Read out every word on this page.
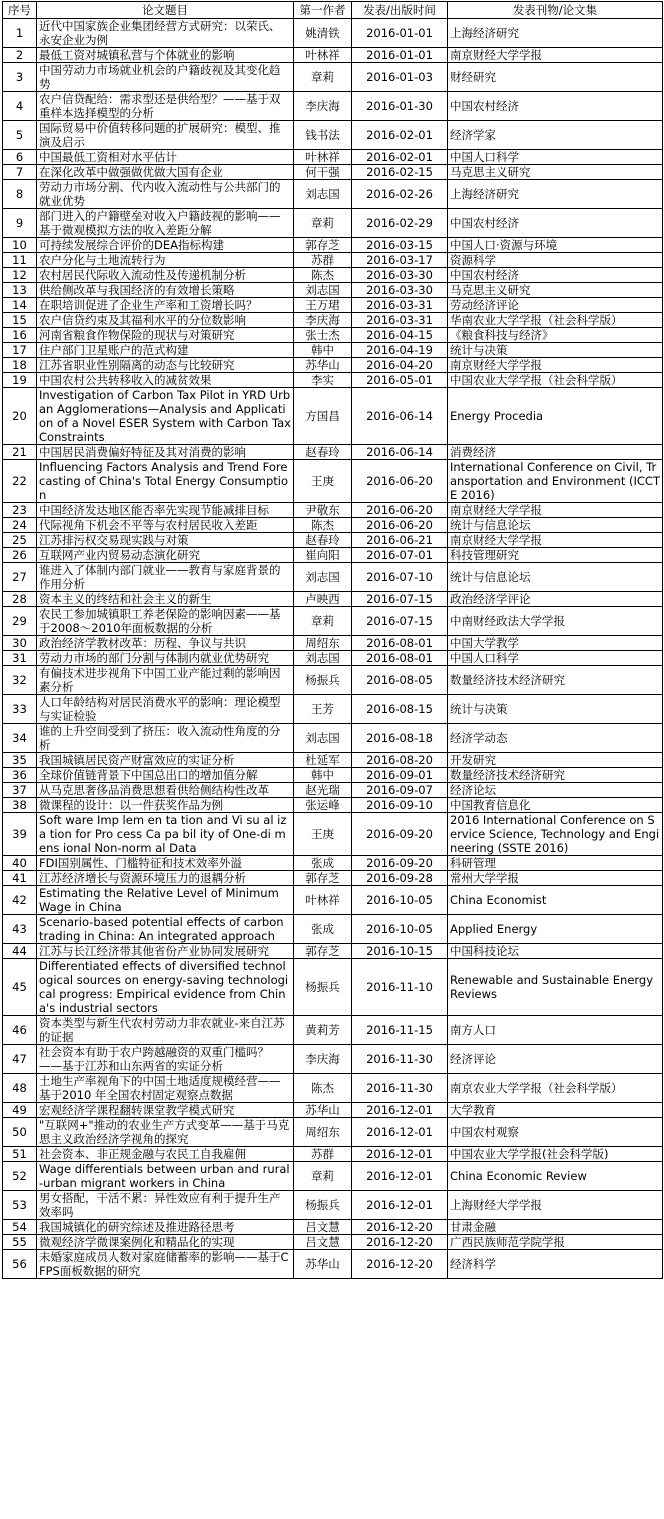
序号	论文题目	第一作者	发表/出版时间	发表刊物/论文集
1	近代中国家族企业集团经营方式研究：以荣氏、永安企业为例	姚清铁	2016-01-01	上海经济研究
2	最低工资对城镇私营与个体就业的影响	叶林祥	2016-01-01	南京财经大学学报
3	中国劳动力市场就业机会的户籍歧视及其变化趋势	章莉	2016-01-03	财经研究
4	农户信贷配给：需求型还是供给型？——基于双重样本选择模型的分析	李庆海	2016-01-30	中国农村经济
5	国际贸易中价值转移问题的扩展研究：模型、推演及启示	钱书法	2016-02-01	经济学家
6	中国最低工资相对水平估计	叶林祥	2016-02-01	中国人口科学
7	在深化改革中做强做优做大国有企业	何干强	2016-02-15	马克思主义研究
8	劳动力市场分割、代内收入流动性与公共部门的就业优势	刘志国	2016-02-26	上海经济研究
9	部门进入的户籍壁垒对收入户籍歧视的影响——基于微观模拟方法的收入差距分解	章莉	2016-02-29	中国农村经济
10	可持续发展综合评价的DEA指标构建	郭存芝	2016-03-15	中国人口·资源与环境
11	农户分化与土地流转行为	苏群	2016-03-17	资源科学
12	农村居民代际收入流动性及传递机制分析	陈杰	2016-03-30	中国农村经济
13	供给侧改革与我国经济的有效增长策略	刘志国	2016-03-30	马克思主义研究
14	在职培训促进了企业生产率和工资增长吗？	王万珺	2016-03-31	劳动经济评论
15	农户信贷约束及其福利水平的分位数影响	李庆海	2016-03-31	华南农业大学学报（社会科学版）
16	河南省粮食作物保险的现状与对策研究	张士杰	2016-04-15	《粮食科技与经济》
17	住户部门卫星账户的范式构建	韩中	2016-04-19	统计与决策
18	江苏省职业性别隔离的动态与比较研究	苏华山	2016-04-20	南京财经大学学报
19	中国农村公共转移收入的减贫效果	李实	2016-05-01	中国农业大学学报（社会科学版）
20	Investigation of Carbon Tax Pilot in YRD Urban Agglomerations—Analysis and Application of a Novel ESER System with Carbon Tax Constraints	方国昌	2016-06-14	Energy Procedia
21	中国居民消费偏好特征及其对消费的影响	赵春玲	2016-06-14	消费经济
22	Influencing Factors Analysis and Trend Forecasting of China's Total Energy Consumption	王庚	2016-06-20	International Conference on Civil, Transportation and Environment (ICCTE 2016)
23	中国经济发达地区能否率先实现节能减排目标	尹敬东	2016-06-20	南京财经大学学报
24	代际视角下机会不平等与农村居民收入差距	陈杰	2016-06-20	统计与信息论坛
25	江苏排污权交易现实践与对策	赵春玲	2016-06-21	南京财经大学学报
26	互联网产业内贸易动态演化研究	崔向阳	2016-07-01	科技管理研究
27	谁进入了体制内部门就业——教育与家庭背景的作用分析	刘志国	2016-07-10	统计与信息论坛
28	资本主义的终结和社会主义的新生	卢映西	2016-07-15	政治经济学评论
29	农民工参加城镇职工养老保险的影响因素——基于2008～2010年面板数据的分析	章莉	2016-07-15	中南财经政法大学学报
30	政治经济学教材改革：历程、争议与共识	周绍东	2016-08-01	中国大学教学
31	劳动力市场的部门分割与体制内就业优势研究	刘志国	2016-08-01	中国人口科学
32	有偏技术进步视角下中国工业产能过剩的影响因素分析	杨振兵	2016-08-05	数量经济技术经济研究
33	人口年龄结构对居民消费水平的影响：理论模型与实证检验	王芳	2016-08-15	统计与决策
34	谁的上升空间受到了挤压：收入流动性角度的分析	刘志国	2016-08-18	经济学动态
35	我国城镇居民资产财富效应的实证分析	杜延军	2016-08-20	开发研究
36	全球价值链背景下中国总出口的增加值分解	韩中	2016-09-01	数量经济技术经济研究
37	从马克思奢侈品消费思想看供给侧结构性改革	赵光瑞	2016-09-07	经济论坛
38	微课程的设计：以一件获奖作品为例	张运峰	2016-09-10	中国教育信息化
39	Soft ware Imp lem en ta tion and Vi su al iza tion for Pro cess Ca pa bil ity of One-di mens ional Non-norm al Data	王庚	2016-09-20	2016 International Conference on Service Science, Technology and Engineering (SSTE 2016)
40	FDI国别属性、门槛特征和技术效率外溢	张成	2016-09-20	科研管理
41	江苏经济增长与资源环境压力的退耦分析	郭存芝	2016-09-28	常州大学学报
42	Estimating the Relative Level of Minimum Wage in China	叶林祥	2016-10-05	China Economist
43	Scenario-based potential effects of carbon trading in China: An integrated approach	张成	2016-10-05	Applied Energy
44	江苏与长江经济带其他省份产业协同发展研究	郭存芝	2016-10-15	中国科技论坛
45	Differentiated effects of diversified technological sources on energy-saving technological progress: Empirical evidence from China's industrial sectors	杨振兵	2016-11-10	Renewable and Sustainable Energy Reviews
46	资本类型与新生代农村劳动力非农就业-来自江苏的证据	黄莉芳	2016-11-15	南方人口
47	社会资本有助于农户跨越融资的双重门槛吗？——基于江苏和山东两省的实证分析	李庆海	2016-11-30	经济评论
48	土地生产率视角下的中国土地适度规模经营——基于2010 年全国农村固定观察点数据	陈杰	2016-11-30	南京农业大学学报（社会科学版）
49	宏观经济学课程翻转课堂教学模式研究	苏华山	2016-12-01	大学教育
50	"互联网+"推动的农业生产方式变革——基于马克思主义政治经济学视角的探究	周绍东	2016-12-01	中国农村观察
51	社会资本、非正规金融与农民工自我雇佣	苏群	2016-12-01	中国农业大学学报(社会科学版)
52	Wage differentials between urban and rural-urban migrant workers in China	章莉	2016-12-01	China Economic Review
53	男女搭配，干活不累：异性效应有利于提升生产效率吗	杨振兵	2016-12-01	上海财经大学学报
54	我国城镇化的研究综述及推进路径思考	吕文慧	2016-12-20	甘肃金融
55	微观经济学微课案例化和精品化的实现	吕文慧	2016-12-20	广西民族师范学院学报
56	未婚家庭成员人数对家庭储蓄率的影响——基于CFPS面板数据的研究	苏华山	2016-12-20	经济科学
